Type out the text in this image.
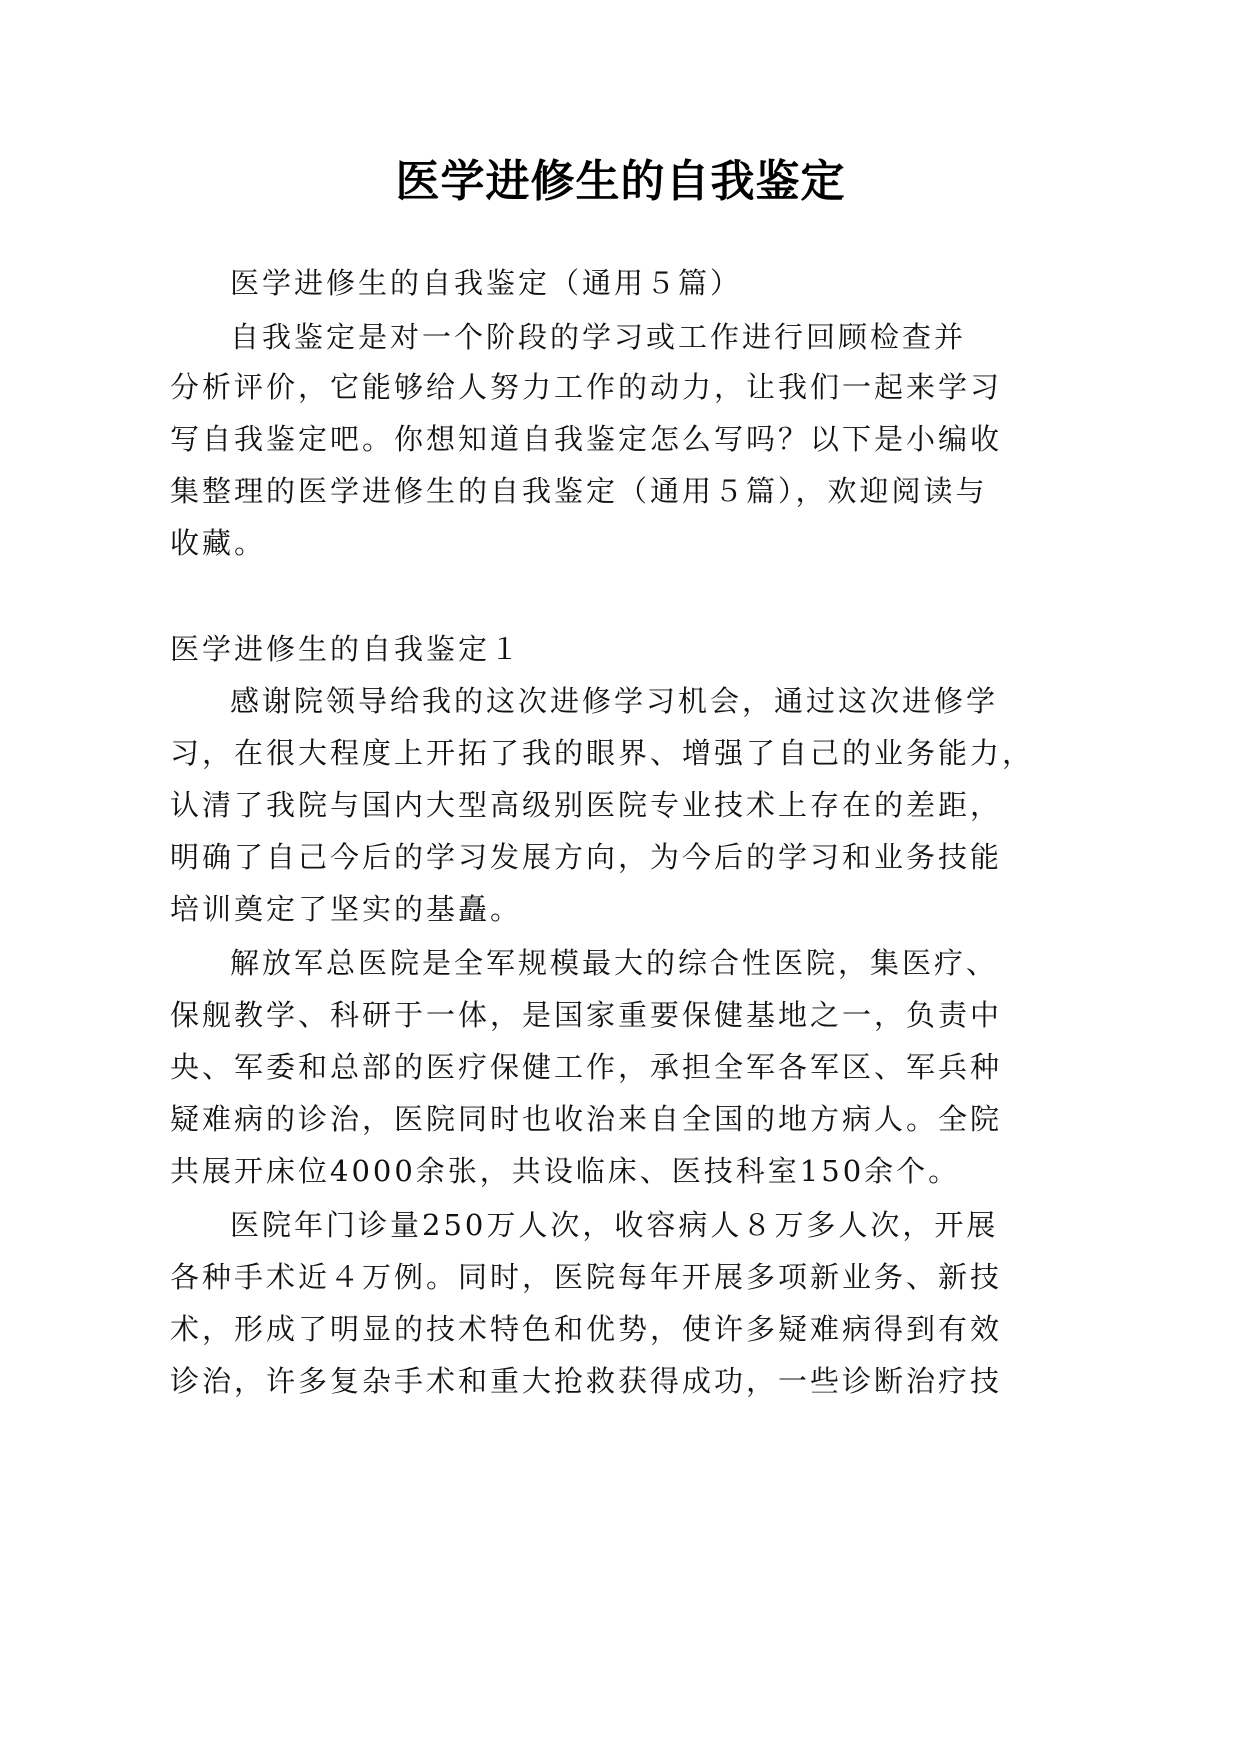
医学进修生的自我鉴定
医学进修生的自我鉴定（通用５篇）
自我鉴定是对一个阶段的学习或工作进行回顾检查并
分析评价，它能够给人努力工作的动力，让我们一起来学习
写自我鉴定吧。你想知道自我鉴定怎么写吗？以下是小编收
集整理的医学进修生的自我鉴定（通用５篇），欢迎阅读与
收藏。
医学进修生的自我鉴定１
感谢院领导给我的这次进修学习机会，通过这次进修学
习，在很大程度上开拓了我的眼界、增强了自己的业务能力，
认清了我院与国内大型高级别医院专业技术上存在的差距，
明确了自己今后的学习发展方向，为今后的学习和业务技能
培训奠定了坚实的基矗。
解放军总医院是全军规模最大的综合性医院，集医疗、
保舰教学、科研于一体，是国家重要保健基地之一，负责中
央、军委和总部的医疗保健工作，承担全军各军区、军兵种
疑难病的诊治，医院同时也收治来自全国的地方病人。全院
共展开床位4000余张，共设临床、医技科室150余个。
医院年门诊量250万人次，收容病人８万多人次，开展
各种手术近４万例。同时，医院每年开展多项新业务、新技
术，形成了明显的技术特色和优势，使许多疑难病得到有效
诊治，许多复杂手术和重大抢救获得成功，一些诊断治疗技
